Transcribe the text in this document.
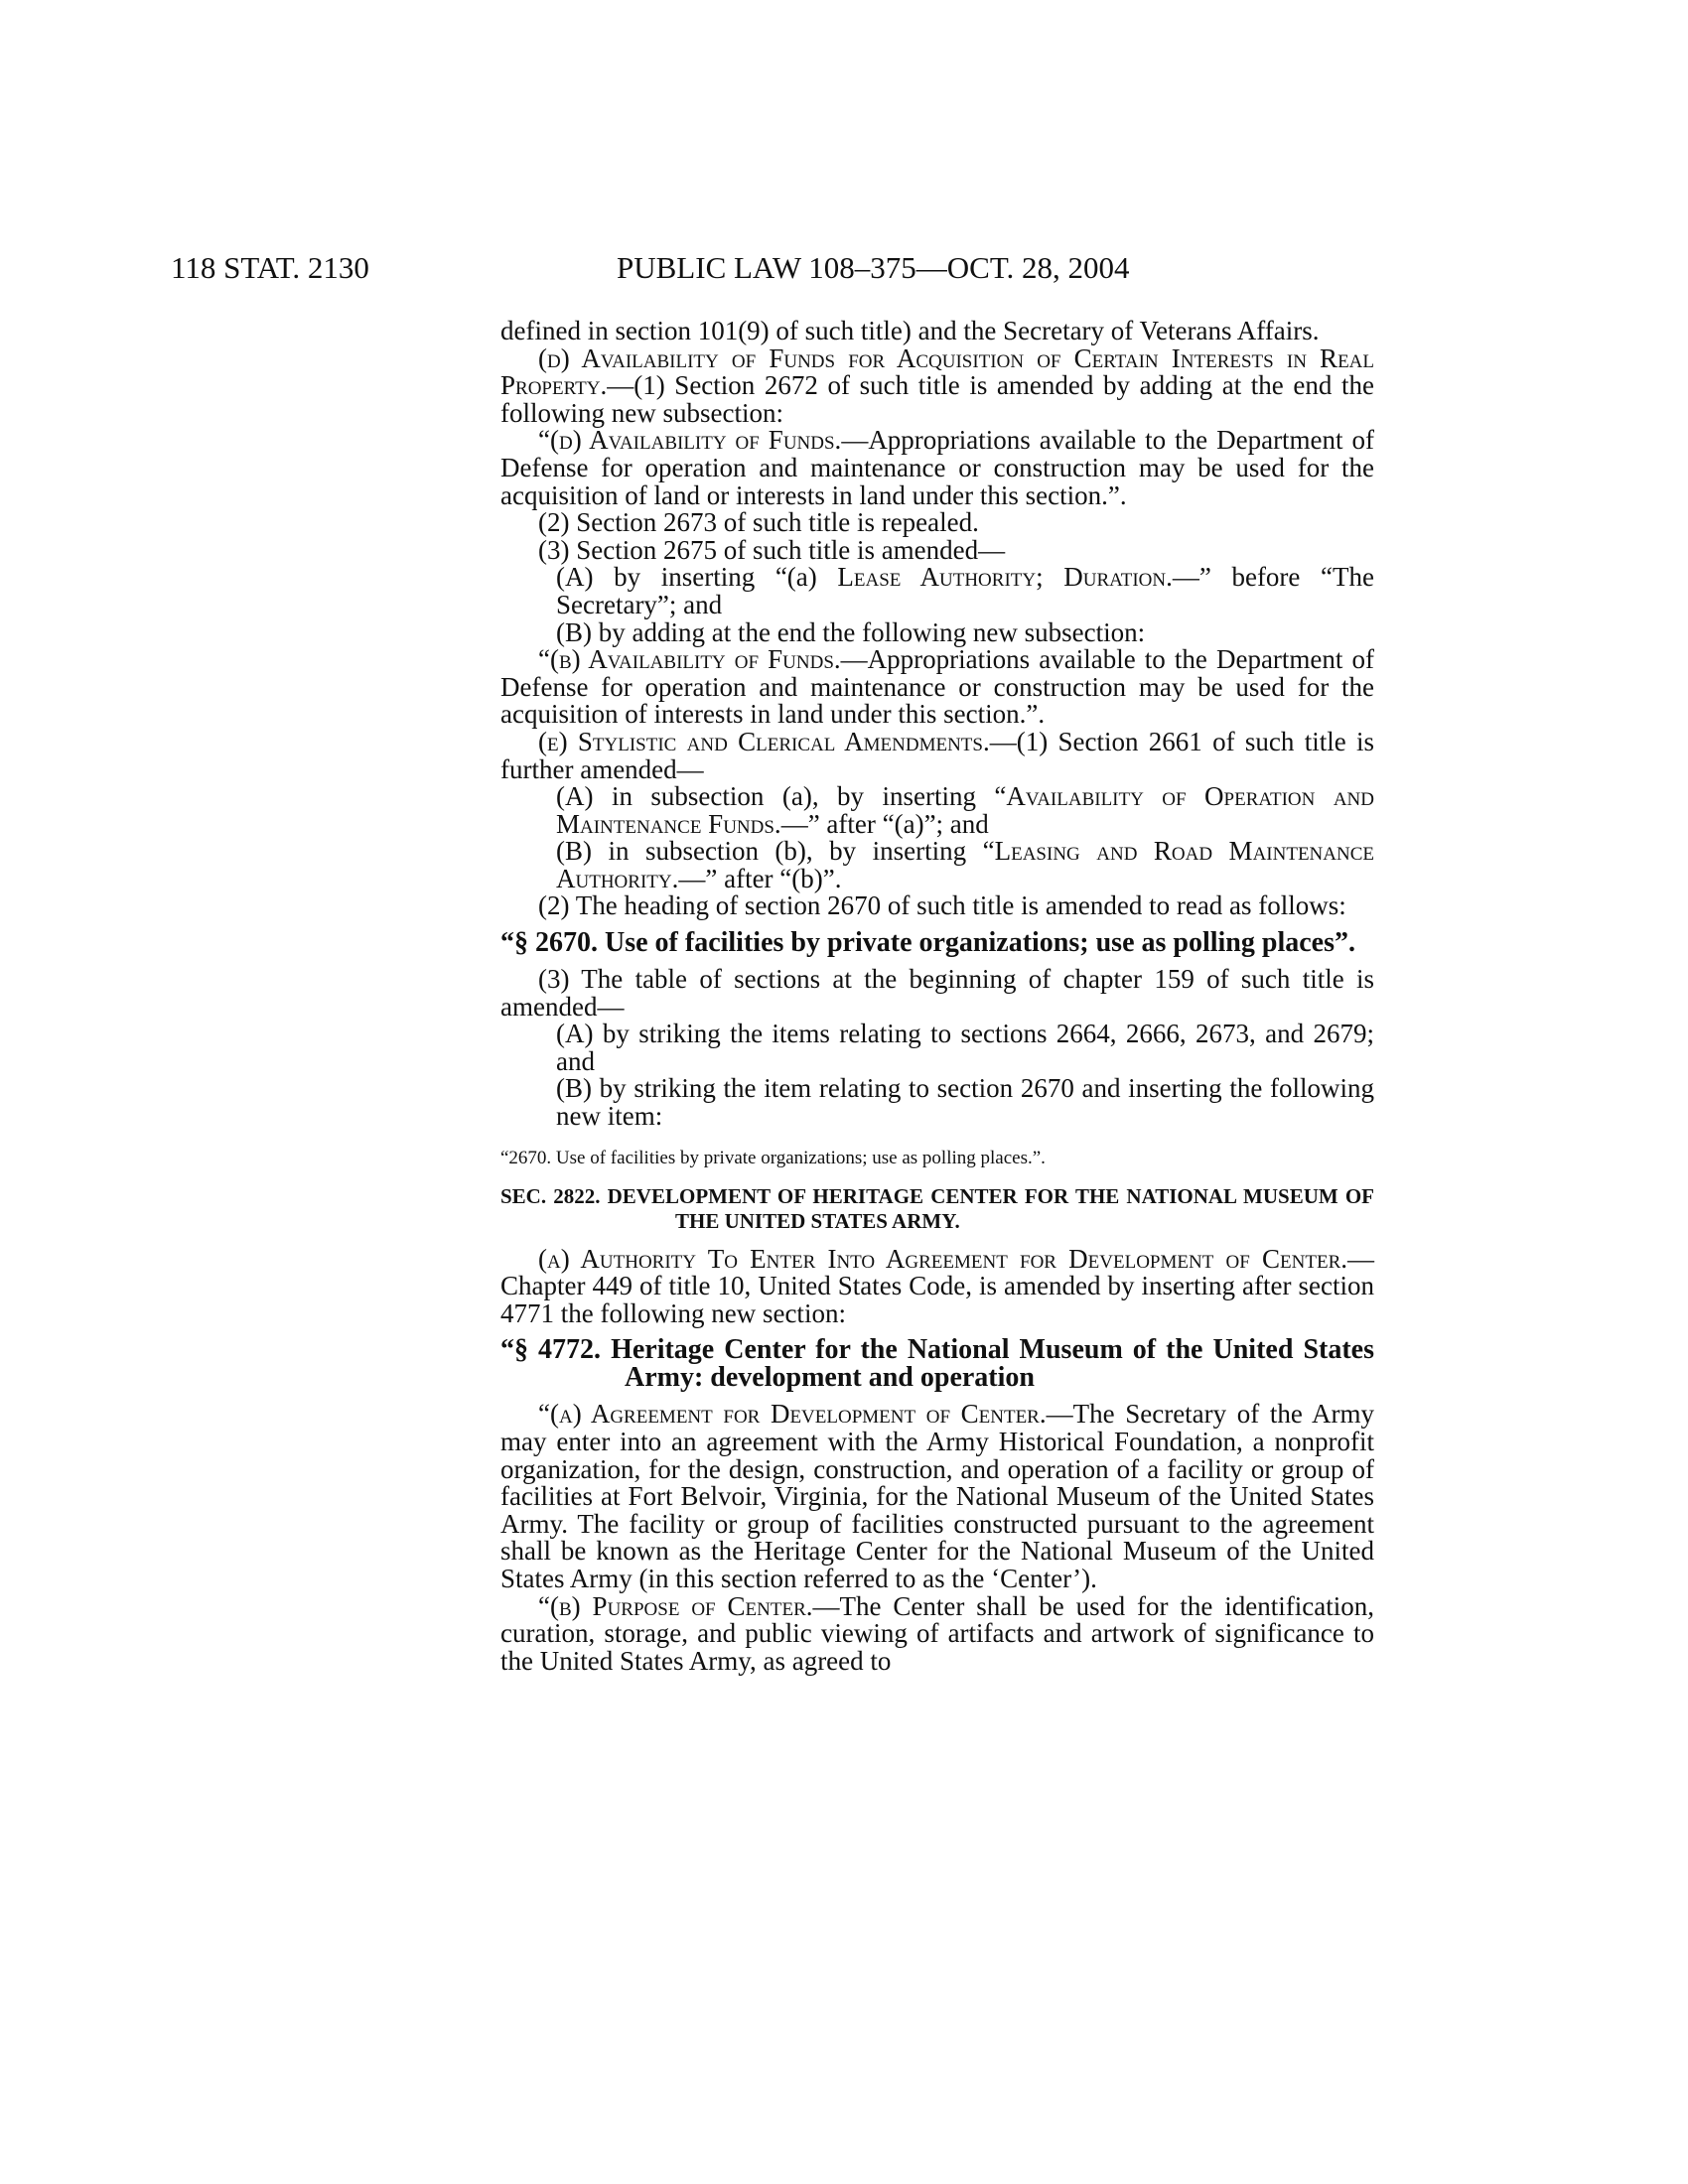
118 STAT. 2130	PUBLIC LAW 108–375—OCT. 28, 2004

defined in section 101(9) of such title) and the Secretary of Veterans Affairs.

(d) Availability of Funds for Acquisition of Certain Interests in Real Property.—(1) Section 2672 of such title is amended by adding at the end the following new subsection:

“(d) Availability of Funds.—Appropriations available to the Department of Defense for operation and maintenance or construction may be used for the acquisition of land or interests in land under this section.”.

(2) Section 2673 of such title is repealed.

(3) Section 2675 of such title is amended—

(A) by inserting “(a) Lease Authority; Duration.—” before “The Secretary”; and

(B) by adding at the end the following new subsection:

“(b) Availability of Funds.—Appropriations available to the Department of Defense for operation and maintenance or construction may be used for the acquisition of interests in land under this section.”.

(e) Stylistic and Clerical Amendments.—(1) Section 2661 of such title is further amended—

(A) in subsection (a), by inserting “Availability of Operation and Maintenance Funds.—” after “(a)”; and

(B) in subsection (b), by inserting “Leasing and Road Maintenance Authority.—” after “(b)”.

(2) The heading of section 2670 of such title is amended to read as follows:

“§ 2670. Use of facilities by private organizations; use as polling places”.

(3) The table of sections at the beginning of chapter 159 of such title is amended—

(A) by striking the items relating to sections 2664, 2666, 2673, and 2679; and

(B) by striking the item relating to section 2670 and inserting the following new item:

“2670. Use of facilities by private organizations; use as polling places.”.

SEC. 2822. DEVELOPMENT OF HERITAGE CENTER FOR THE NATIONAL MUSEUM OF THE UNITED STATES ARMY.

(a) Authority To Enter Into Agreement for Development of Center.—Chapter 449 of title 10, United States Code, is amended by inserting after section 4771 the following new section:

“§ 4772. Heritage Center for the National Museum of the United States Army: development and operation

“(a) Agreement for Development of Center.—The Secretary of the Army may enter into an agreement with the Army Historical Foundation, a nonprofit organization, for the design, construction, and operation of a facility or group of facilities at Fort Belvoir, Virginia, for the National Museum of the United States Army. The facility or group of facilities constructed pursuant to the agreement shall be known as the Heritage Center for the National Museum of the United States Army (in this section referred to as the ‘Center’).

“(b) Purpose of Center.—The Center shall be used for the identification, curation, storage, and public viewing of artifacts and artwork of significance to the United States Army, as agreed to
